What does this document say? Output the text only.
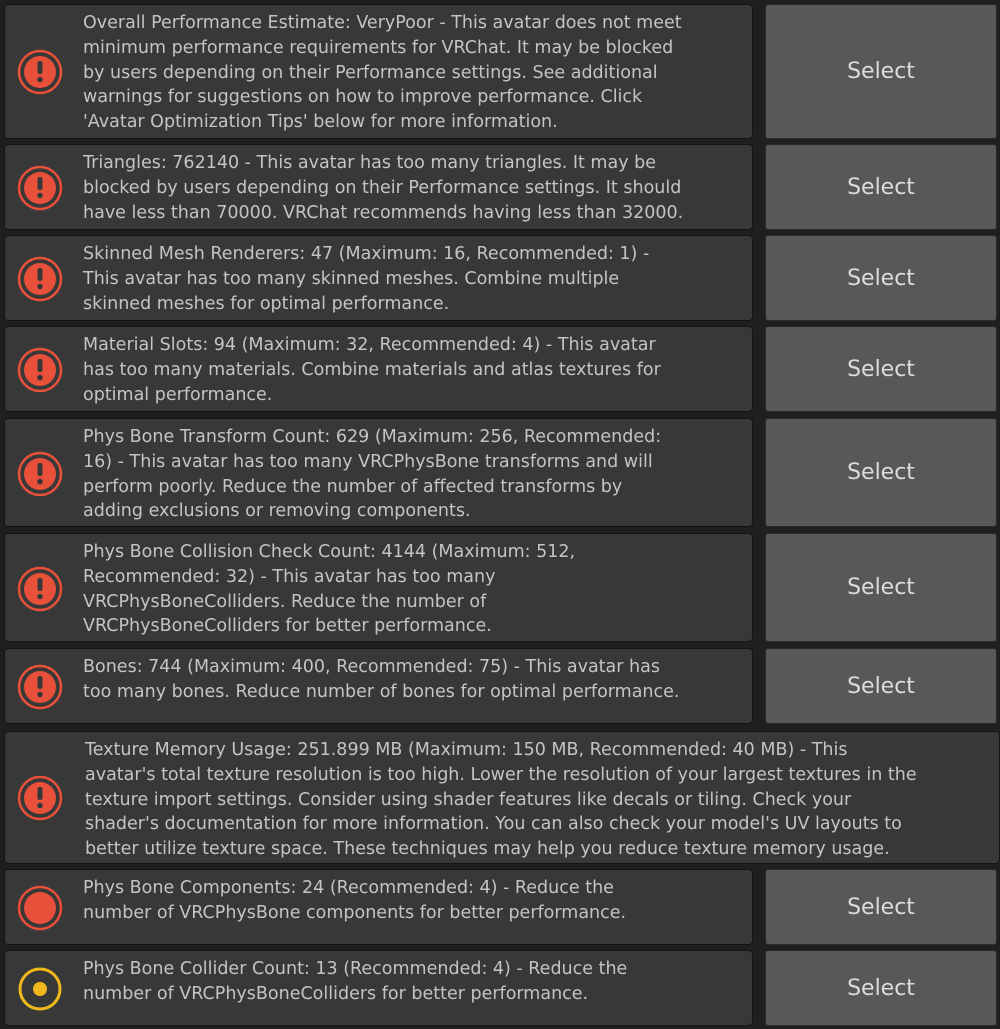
Overall Performance Estimate: VeryPoor - This avatar does not meet
minimum performance requirements for VRChat. It may be blocked
by users depending on their Performance settings. See additional
warnings for suggestions on how to improve performance. Click
'Avatar Optimization Tips' below for more information.
Select
Triangles: 762140 - This avatar has too many triangles. It may be
blocked by users depending on their Performance settings. It should
have less than 70000. VRChat recommends having less than 32000.
Select
Skinned Mesh Renderers: 47 (Maximum: 16, Recommended: 1) -
This avatar has too many skinned meshes. Combine multiple
skinned meshes for optimal performance.
Select
Material Slots: 94 (Maximum: 32, Recommended: 4) - This avatar
has too many materials. Combine materials and atlas textures for
optimal performance.
Select
Phys Bone Transform Count: 629 (Maximum: 256, Recommended:
16) - This avatar has too many VRCPhysBone transforms and will
perform poorly. Reduce the number of affected transforms by
adding exclusions or removing components.
Select
Phys Bone Collision Check Count: 4144 (Maximum: 512,
Recommended: 32) - This avatar has too many
VRCPhysBoneColliders. Reduce the number of
VRCPhysBoneColliders for better performance.
Select
Bones: 744 (Maximum: 400, Recommended: 75) - This avatar has
too many bones. Reduce number of bones for optimal performance.	Select
Texture Memory Usage: 251.899 MB (Maximum: 150 MB, Recommended: 40 MB) - This
avatar's total texture resolution is too high. Lower the resolution of your largest textures in the
texture import settings. Consider using shader features like decals or tiling. Check your
shader's documentation for more information. You can also check your model's UV layouts to
better utilize texture space. These techniques may help you reduce texture memory usage.
Phys Bone Components: 24 (Recommended: 4) - Reduce the
number of VRCPhysBone components for better performance.	Select
Phys Bone Collider Count: 13 (Recommended: 4) - Reduce the
number of VRCPhysBoneColliders for better performance.	Select
